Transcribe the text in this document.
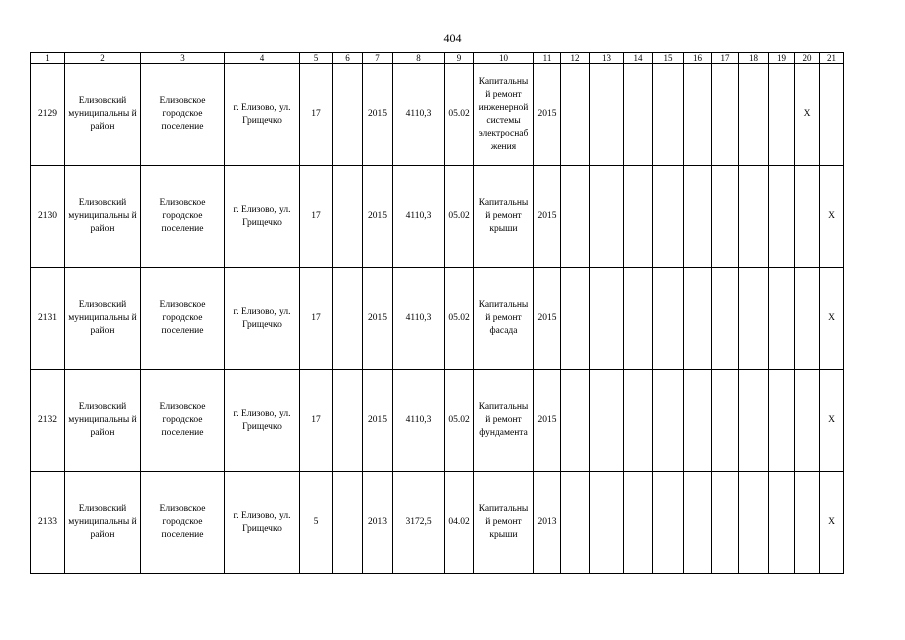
404
1	2	3	4	5	6	7	8	9	10	11	12	13	14	15	16	17	18	19	20	21
2129	Елизовский муниципальны й район	Елизовское городское поселение	г. Елизово, ул. Грищечко	17		2015	4110,3	05.02	Капитальны й ремонт инженерной системы электроснаб жения	2015									X	
2130	Елизовский муниципальны й район	Елизовское городское поселение	г. Елизово, ул. Грищечко	17		2015	4110,3	05.02	Капитальны й ремонт крыши	2015										X
2131	Елизовский муниципальны й район	Елизовское городское поселение	г. Елизово, ул. Грищечко	17		2015	4110,3	05.02	Капитальны й ремонт фасада	2015										X
2132	Елизовский муниципальны й район	Елизовское городское поселение	г. Елизово, ул. Грищечко	17		2015	4110,3	05.02	Капитальны й ремонт фундамента	2015										X
2133	Елизовский муниципальны й район	Елизовское городское поселение	г. Елизово, ул. Грищечко	5		2013	3172,5	04.02	Капитальны й ремонт крыши	2013										X
